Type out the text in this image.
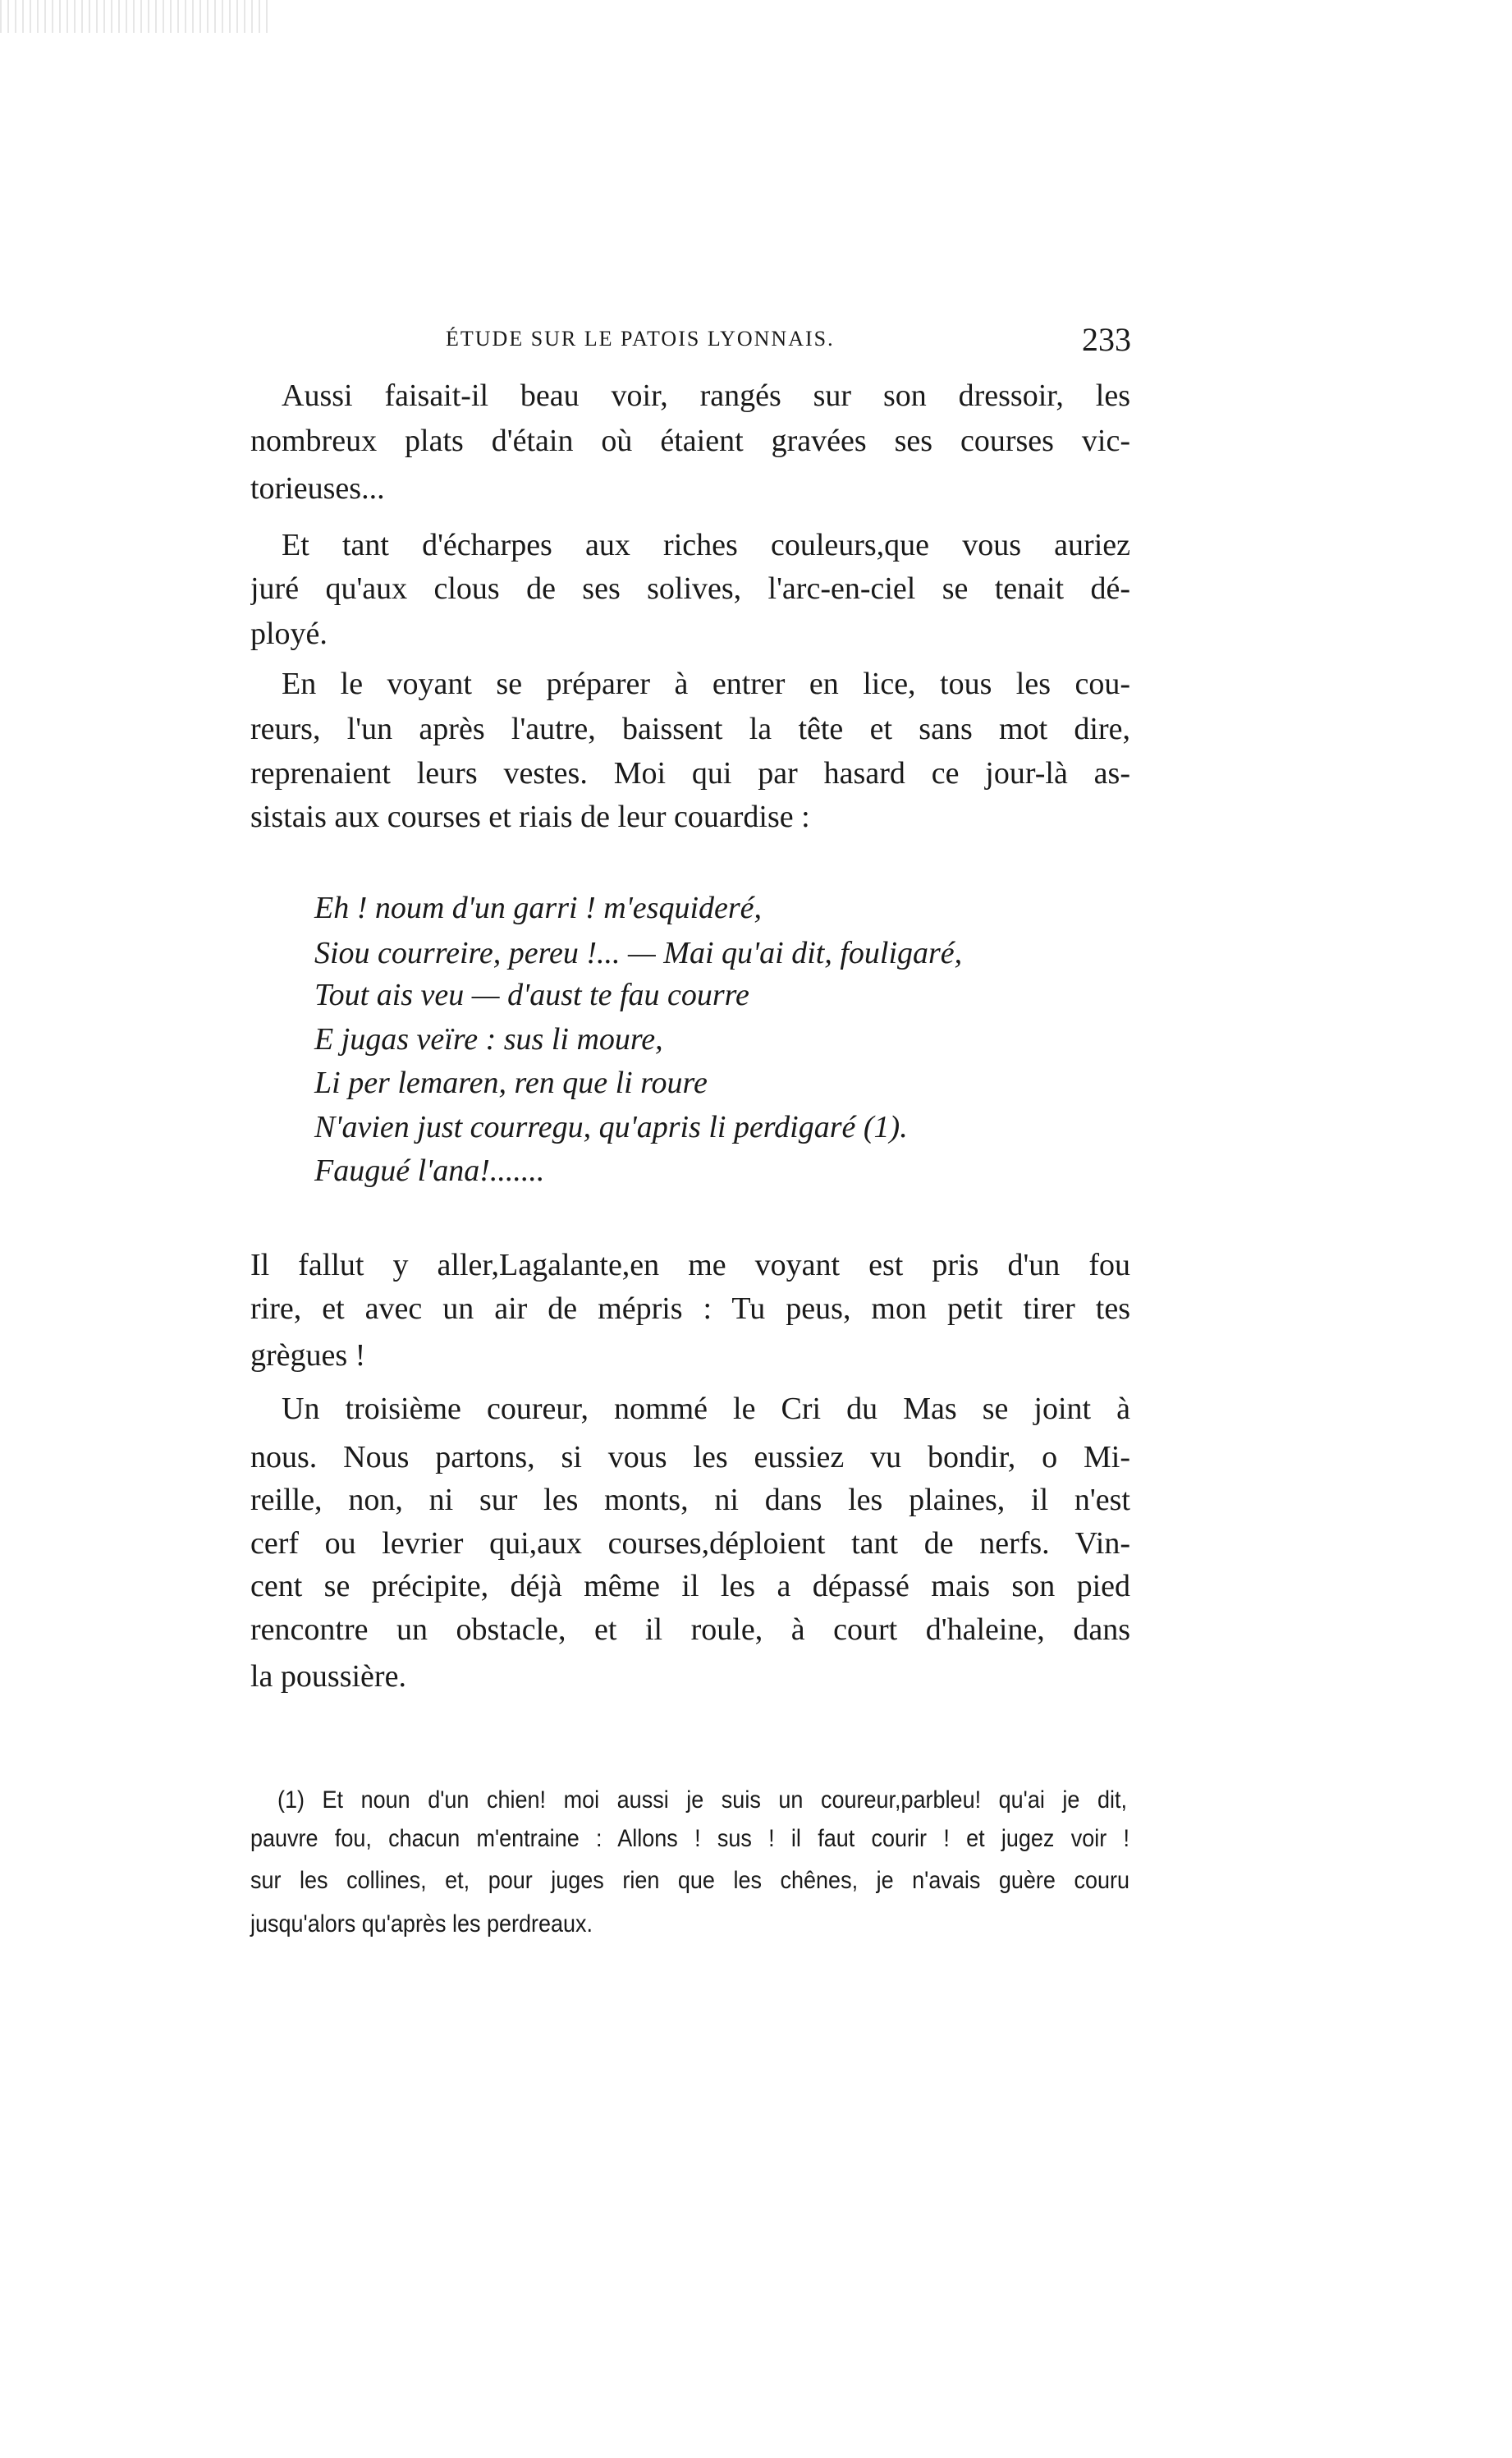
ÉTUDE SUR LE PATOIS LYONNAIS.	233
Aussi faisait-il beau voir, rangés sur son dressoir, les
nombreux plats d'étain où étaient gravées ses courses vic-
torieuses...
Et tant d'écharpes aux riches couleurs,que vous auriez
juré qu'aux clous de ses solives, l'arc-en-ciel se tenait dé-
ployé.
En le voyant se préparer à entrer en lice, tous les cou-
reurs, l'un après l'autre, baissent la tête et sans mot dire,
reprenaient leurs vestes. Moi qui par hasard ce jour-là as-
sistais aux courses et riais de leur couardise :
Eh ! noum d'un garri ! m'esquideré,
Siou courreire, pereu !... — Mai qu'ai dit, fouligaré,
Tout ais veu — d'aust te fau courre
E jugas veïre : sus li moure,
Li per lemaren, ren que li roure
N'avien just courregu, qu'apris li perdigaré (1).
Faugué l'ana!.......
Il fallut y aller,Lagalante,en me voyant est pris d'un fou
rire, et avec un air de mépris : Tu peus, mon petit tirer tes
grègues !
Un troisième coureur, nommé le Cri du Mas se joint à
nous. Nous partons, si vous les eussiez vu bondir, o Mi-
reille, non, ni sur les monts, ni dans les plaines, il n'est
cerf ou levrier qui,aux courses,déploient tant de nerfs. Vin-
cent se précipite, déjà même il les a dépassé mais son pied
rencontre un obstacle, et il roule, à court d'haleine, dans
la poussière.
(1) Et noun d'un chien! moi aussi je suis un coureur,parbleu! qu'ai je dit,
pauvre fou, chacun m'entraine : Allons ! sus ! il faut courir ! et jugez voir !
sur les collines, et, pour juges rien que les chênes, je n'avais guère couru
jusqu'alors qu'après les perdreaux.
